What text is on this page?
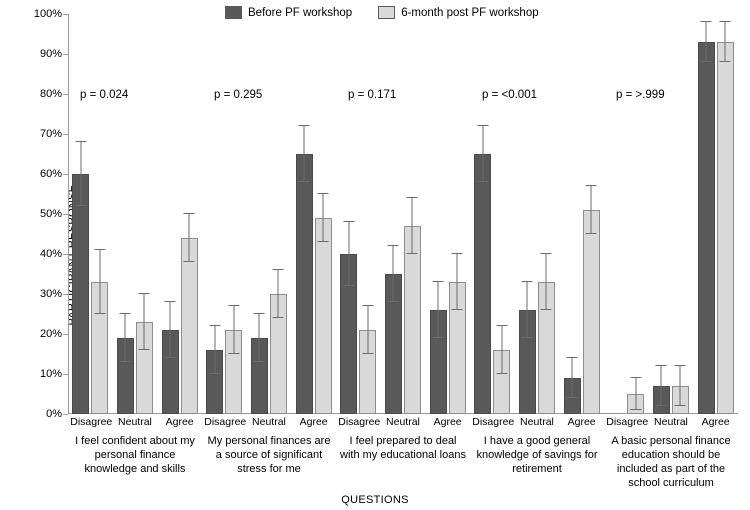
Before PF workshop	6-month post PF workshop
0%
10%
20%
30%
40%
50%
60%
70%
80%
90%
100%
p = 0.024	p = 0.295	p = 0.171	p = <0.001	p = >.999
Disagree Neutral	Agree	Disagree Neutral	Agree	Disagree Neutral	Agree	Disagree Neutral	Agree	Disagree Neutral	Agree
I feel confident about my personal finance knowledge and skills
My personal finances are a source of significant stress for me
I feel prepared to deal with my educational loans
I have a good general knowledge of savings for retirement
A basic personal finance education should be included as part of the school curriculum
QUESTIONS
